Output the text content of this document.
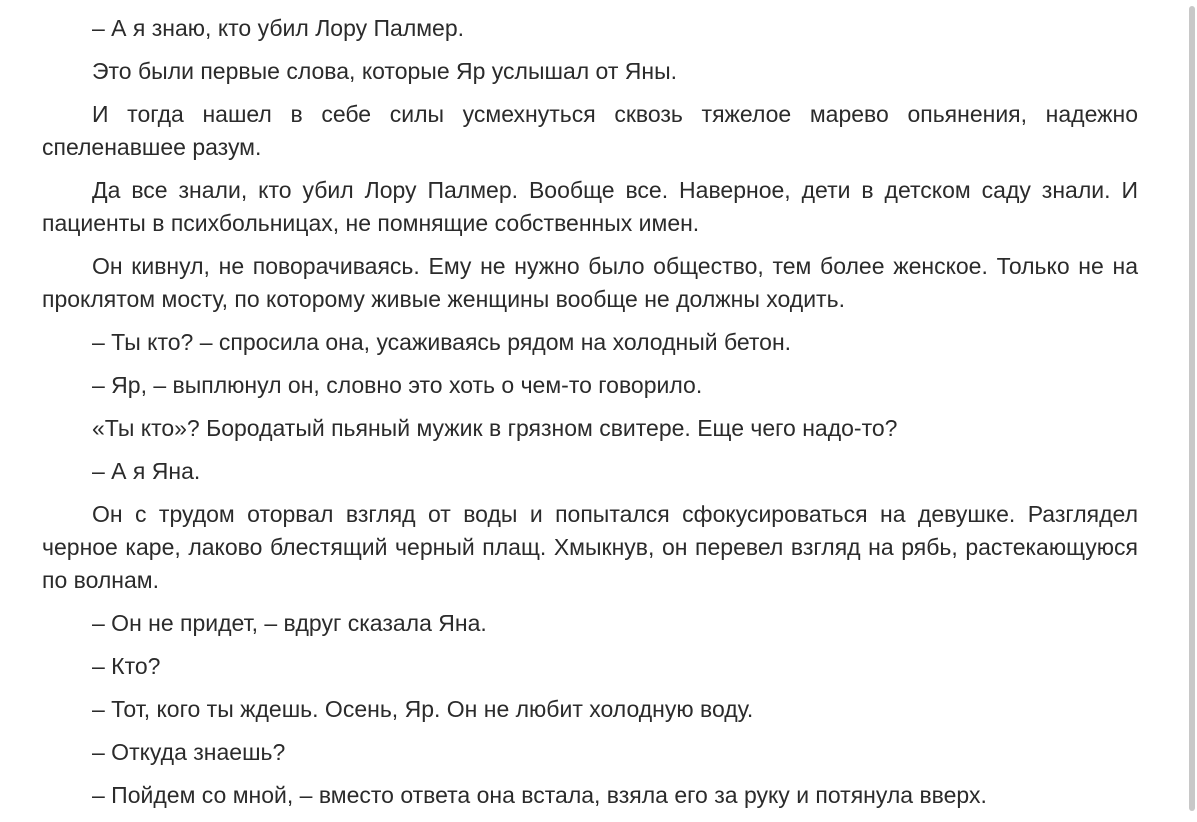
– А я знаю, кто убил Лору Палмер.

Это были первые слова, которые Яр услышал от Яны.

И тогда нашел в себе силы усмехнуться сквозь тяжелое марево опьянения, надежно спеленавшее разум.

Да все знали, кто убил Лору Палмер. Вообще все. Наверное, дети в детском саду знали. И пациенты в психбольницах, не помнящие собственных имен.

Он кивнул, не поворачиваясь. Ему не нужно было общество, тем более женское. Только не на проклятом мосту, по которому живые женщины вообще не должны ходить.

– Ты кто? – спросила она, усаживаясь рядом на холодный бетон.

– Яр, – выплюнул он, словно это хоть о чем-то говорило.

«Ты кто»? Бородатый пьяный мужик в грязном свитере. Еще чего надо-то?

– А я Яна.

Он с трудом оторвал взгляд от воды и попытался сфокусироваться на девушке. Разглядел черное каре, лаково блестящий черный плащ. Хмыкнув, он перевел взгляд на рябь, растекающуюся по волнам.

– Он не придет, – вдруг сказала Яна.

– Кто?

– Тот, кого ты ждешь. Осень, Яр. Он не любит холодную воду.

– Откуда знаешь?

– Пойдем со мной, – вместо ответа она встала, взяла его за руку и потянула вверх.
